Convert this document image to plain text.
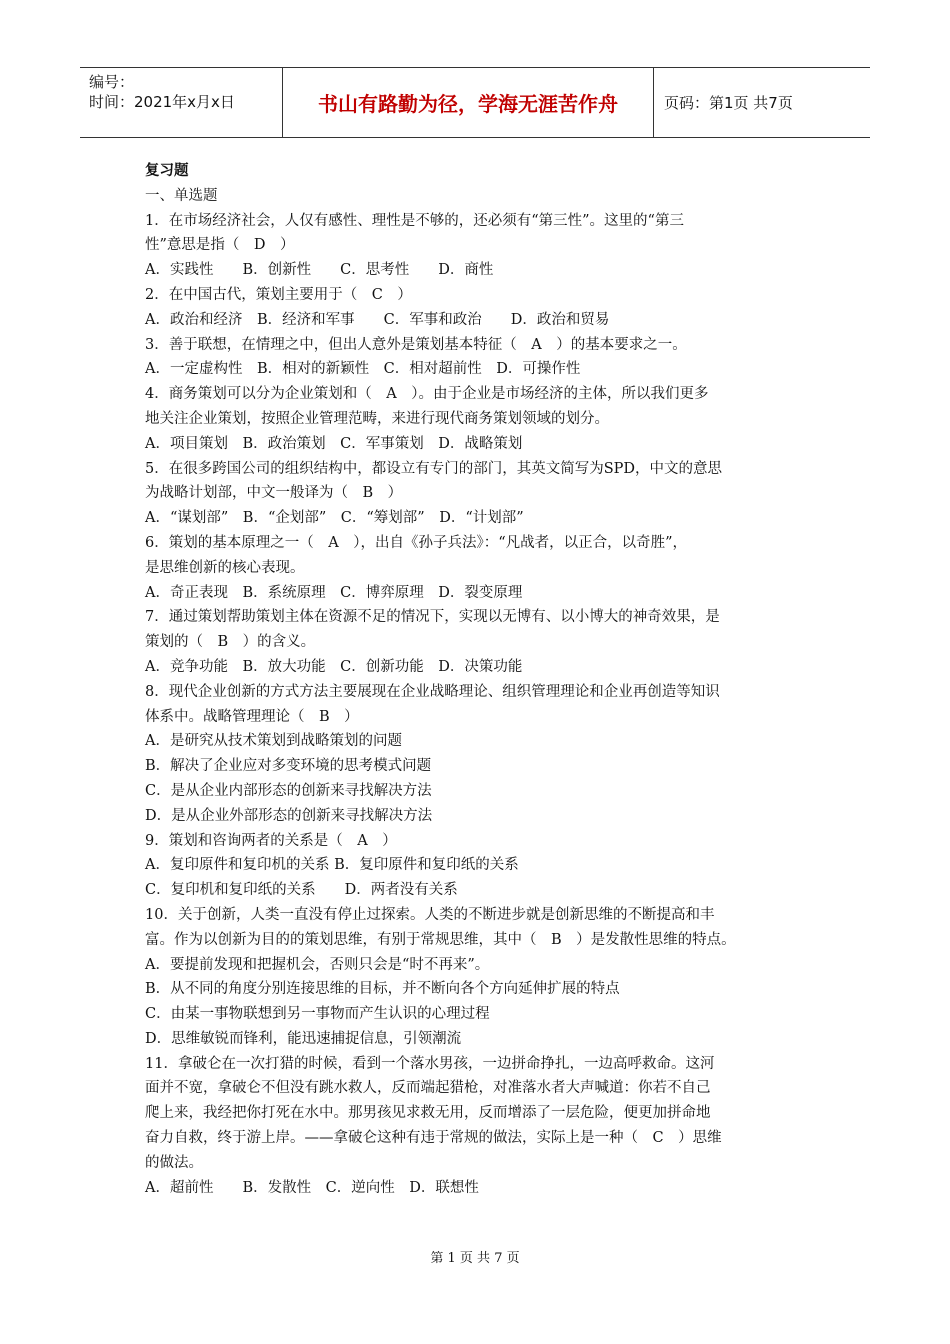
编号：
时间：2021年x月x日	书山有路勤为径，学海无涯苦作舟	页码：第1页 共7页

复习题

一、单选题

1．在市场经济社会，人仅有感性、理性是不够的，还必须有“第三性”。这里的“第三

性”意思是指（　D　）

A．实践性　　B．创新性　　C．思考性　　D．商性

2．在中国古代，策划主要用于（　C　）

A．政治和经济　B．经济和军事　　C．军事和政治　　D．政治和贸易

3．善于联想，在情理之中，但出人意外是策划基本特征（　A　）的基本要求之一。

A．一定虚构性　B．相对的新颖性　C．相对超前性　D．可操作性

4．商务策划可以分为企业策划和（　A　）。由于企业是市场经济的主体，所以我们更多

地关注企业策划，按照企业管理范畴，来进行现代商务策划领域的划分。

A．项目策划　B．政治策划　C．军事策划　D．战略策划

5．在很多跨国公司的组织结构中，都设立有专门的部门，其英文简写为SPD，中文的意思

为战略计划部，中文一般译为（　B　）

A．“谋划部”　B．“企划部”　C．“筹划部”　D．“计划部”

6．策划的基本原理之一（　A　），出自《孙子兵法》：“凡战者，以正合，以奇胜”，

是思维创新的核心表现。

A．奇正表现　B．系统原理　C．博弈原理　D．裂变原理

7．通过策划帮助策划主体在资源不足的情况下，实现以无博有、以小博大的神奇效果，是

策划的（　B　）的含义。

A．竞争功能　B．放大功能　C．创新功能　D．决策功能

8．现代企业创新的方式方法主要展现在企业战略理论、组织管理理论和企业再创造等知识

体系中。战略管理理论（　B　）

A．是研究从技术策划到战略策划的问题

B．解决了企业应对多变环境的思考模式问题

C．是从企业内部形态的创新来寻找解决方法

D．是从企业外部形态的创新来寻找解决方法

9．策划和咨询两者的关系是（　A　）

A．复印原件和复印机的关系 B．复印原件和复印纸的关系

C．复印机和复印纸的关系　　D．两者没有关系

10．关于创新，人类一直没有停止过探索。人类的不断进步就是创新思维的不断提高和丰

富。作为以创新为目的的策划思维，有别于常规思维，其中（　B　）是发散性思维的特点。

A．要提前发现和把握机会，否则只会是“时不再来”。

B．从不同的角度分别连接思维的目标，并不断向各个方向延伸扩展的特点

C．由某一事物联想到另一事物而产生认识的心理过程

D．思维敏锐而锋利，能迅速捕捉信息，引领潮流

11．拿破仑在一次打猎的时候，看到一个落水男孩，一边拼命挣扎，一边高呼救命。这河

面并不宽，拿破仑不但没有跳水救人，反而端起猎枪，对准落水者大声喊道：你若不自己

爬上来，我经把你打死在水中。那男孩见求救无用，反而增添了一层危险，便更加拼命地

奋力自救，终于游上岸。——拿破仑这种有违于常规的做法，实际上是一种（　C　）思维

的做法。

A．超前性　　B．发散性　C．逆向性　D．联想性

第 1 页 共 7 页
